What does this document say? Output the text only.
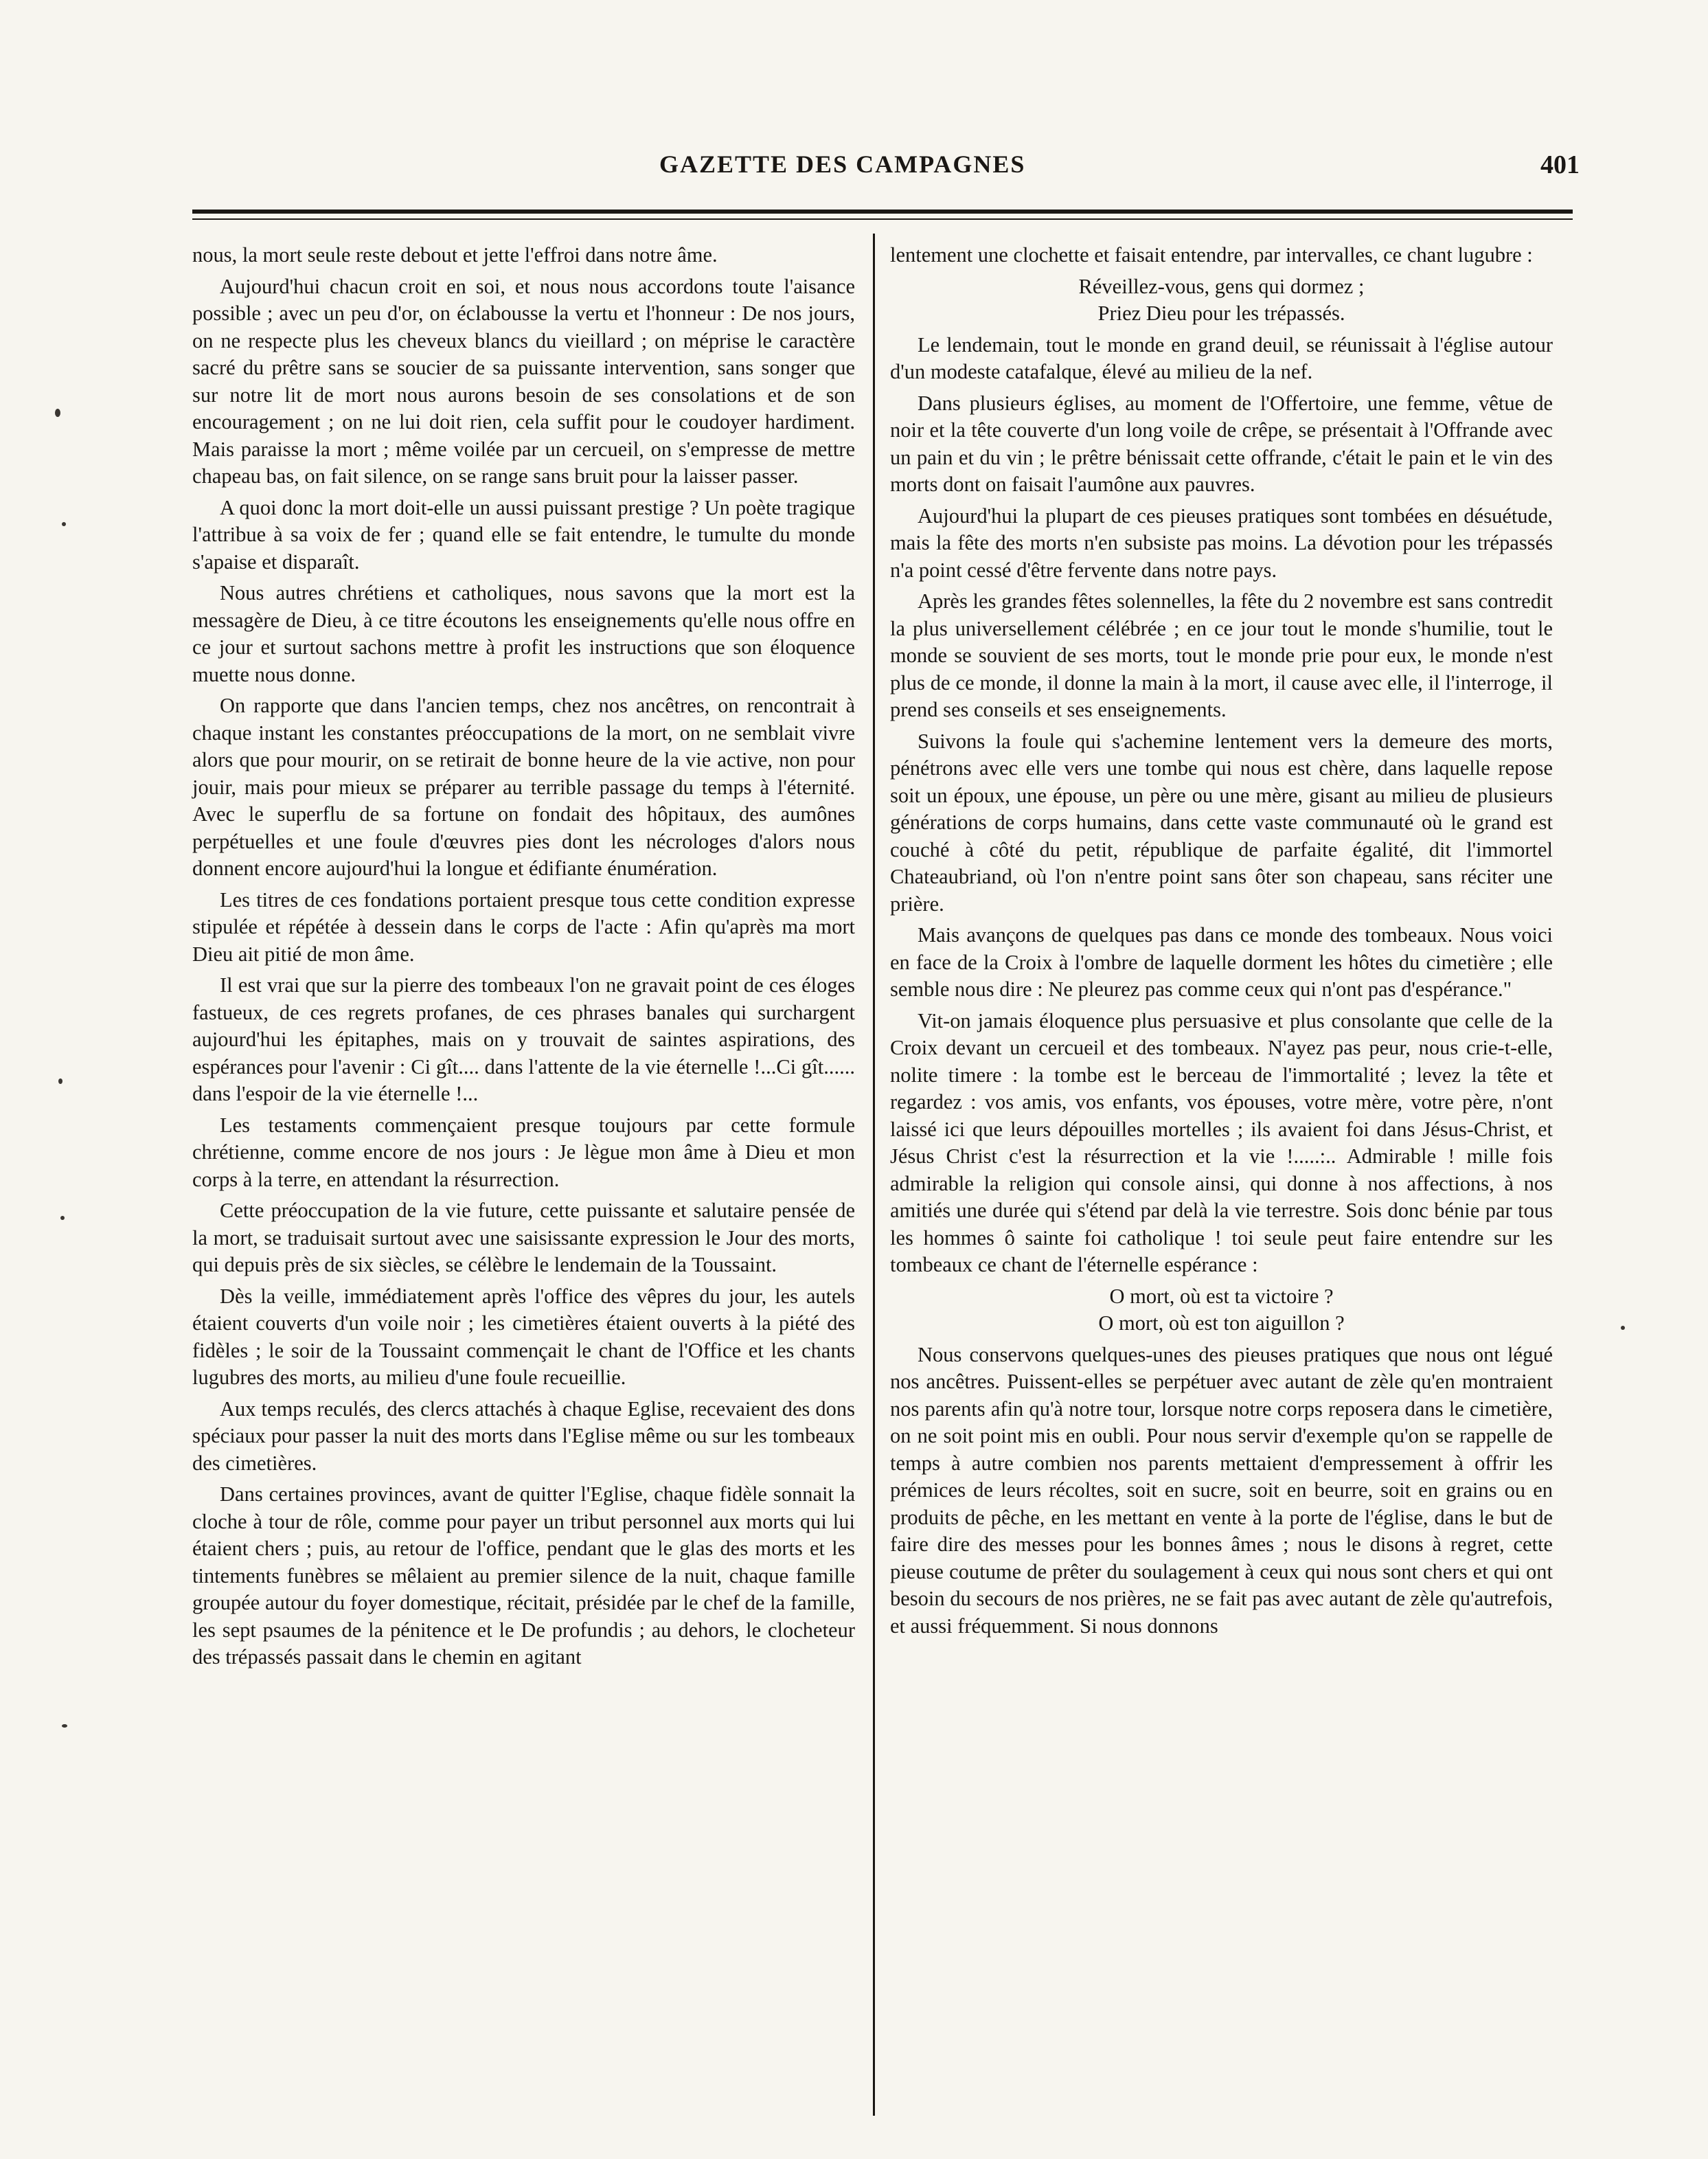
GAZETTE DES CAMPAGNES	401

nous, la mort seule reste debout et jette l'effroi dans notre âme.

Aujourd'hui chacun croit en soi, et nous nous accordons toute l'aisance possible ; avec un peu d'or, on éclabousse la vertu et l'honneur : De nos jours, on ne respecte plus les cheveux blancs du vieillard ; on méprise le caractère sacré du prêtre sans se soucier de sa puissante intervention, sans songer que sur notre lit de mort nous aurons besoin de ses consolations et de son encouragement ; on ne lui doit rien, cela suffit pour le coudoyer hardiment. Mais paraisse la mort ; même voilée par un cercueil, on s'empresse de mettre chapeau bas, on fait silence, on se range sans bruit pour la laisser passer.

A quoi donc la mort doit-elle un aussi puissant prestige ? Un poète tragique l'attribue à sa voix de fer ; quand elle se fait entendre, le tumulte du monde s'apaise et disparaît.

Nous autres chrétiens et catholiques, nous savons que la mort est la messagère de Dieu, à ce titre écoutons les enseignements qu'elle nous offre en ce jour et surtout sachons mettre à profit les instructions que son éloquence muette nous donne.

On rapporte que dans l'ancien temps, chez nos ancêtres, on rencontrait à chaque instant les constantes préoccupations de la mort, on ne semblait vivre alors que pour mourir, on se retirait de bonne heure de la vie active, non pour jouir, mais pour mieux se préparer au terrible passage du temps à l'éternité. Avec le superflu de sa fortune on fondait des hôpitaux, des aumônes perpétuelles et une foule d'œuvres pies dont les nécrologes d'alors nous donnent encore aujourd'hui la longue et édifiante énumération.

Les titres de ces fondations portaient presque tous cette condition expresse stipulée et répétée à dessein dans le corps de l'acte : Afin qu'après ma mort Dieu ait pitié de mon âme.

Il est vrai que sur la pierre des tombeaux l'on ne gravait point de ces éloges fastueux, de ces regrets profanes, de ces phrases banales qui surchargent aujourd'hui les épitaphes, mais on y trouvait de saintes aspirations, des espérances pour l'avenir : Ci gît.... dans l'attente de la vie éternelle !...Ci gît...... dans l'espoir de la vie éternelle !...

Les testaments commençaient presque toujours par cette formule chrétienne, comme encore de nos jours : Je lègue mon âme à Dieu et mon corps à la terre, en attendant la résurrection.

Cette préoccupation de la vie future, cette puissante et salutaire pensée de la mort, se traduisait surtout avec une saisissante expression le Jour des morts, qui depuis près de six siècles, se célèbre le lendemain de la Toussaint.

Dès la veille, immédiatement après l'office des vêpres du jour, les autels étaient couverts d'un voile noir ; les cimetières étaient ouverts à la piété des fidèles ; le soir de la Toussaint commençait le chant de l'Office et les chants lugubres des morts, au milieu d'une foule recueillie.

Aux temps reculés, des clercs attachés à chaque Eglise, recevaient des dons spéciaux pour passer la nuit des morts dans l'Eglise même ou sur les tombeaux des cimetières.

Dans certaines provinces, avant de quitter l'Eglise, chaque fidèle sonnait la cloche à tour de rôle, comme pour payer un tribut personnel aux morts qui lui étaient chers ; puis, au retour de l'office, pendant que le glas des morts et les tintements funèbres se mêlaient au premier silence de la nuit, chaque famille groupée autour du foyer domestique, récitait, présidée par le chef de la famille, les sept psaumes de la pénitence et le De profundis ; au dehors, le clocheteur des trépassés passait dans le chemin en agitant

lentement une clochette et faisait entendre, par intervalles, ce chant lugubre :

Réveillez-vous, gens qui dormez ;

Priez Dieu pour les trépassés.

Le lendemain, tout le monde en grand deuil, se réunissait à l'église autour d'un modeste catafalque, élevé au milieu de la nef.

Dans plusieurs églises, au moment de l'Offertoire, une femme, vêtue de noir et la tête couverte d'un long voile de crêpe, se présentait à l'Offrande avec un pain et du vin ; le prêtre bénissait cette offrande, c'était le pain et le vin des morts dont on faisait l'aumône aux pauvres.

Aujourd'hui la plupart de ces pieuses pratiques sont tombées en désuétude, mais la fête des morts n'en subsiste pas moins. La dévotion pour les trépassés n'a point cessé d'être fervente dans notre pays.

Après les grandes fêtes solennelles, la fête du 2 novembre est sans contredit la plus universellement célébrée ; en ce jour tout le monde s'humilie, tout le monde se souvient de ses morts, tout le monde prie pour eux, le monde n'est plus de ce monde, il donne la main à la mort, il cause avec elle, il l'interroge, il prend ses conseils et ses enseignements.

Suivons la foule qui s'achemine lentement vers la demeure des morts, pénétrons avec elle vers une tombe qui nous est chère, dans laquelle repose soit un époux, une épouse, un père ou une mère, gisant au milieu de plusieurs générations de corps humains, dans cette vaste communauté où le grand est couché à côté du petit, république de parfaite égalité, dit l'immortel Chateaubriand, où l'on n'entre point sans ôter son chapeau, sans réciter une prière.

Mais avançons de quelques pas dans ce monde des tombeaux. Nous voici en face de la Croix à l'ombre de laquelle dorment les hôtes du cimetière ; elle semble nous dire : Ne pleurez pas comme ceux qui n'ont pas d'espérance."

Vit-on jamais éloquence plus persuasive et plus consolante que celle de la Croix devant un cercueil et des tombeaux. N'ayez pas peur, nous crie-t-elle, nolite timere : la tombe est le berceau de l'immortalité ; levez la tête et regardez : vos amis, vos enfants, vos épouses, votre mère, votre père, n'ont laissé ici que leurs dépouilles mortelles ; ils avaient foi dans Jésus-Christ, et Jésus Christ c'est la résurrection et la vie !.....:.. Admirable ! mille fois admirable la religion qui console ainsi, qui donne à nos affections, à nos amitiés une durée qui s'étend par delà la vie terrestre. Sois donc bénie par tous les hommes ô sainte foi catholique ! toi seule peut faire entendre sur les tombeaux ce chant de l'éternelle espérance :

O mort, où est ta victoire ?

O mort, où est ton aiguillon ?

Nous conservons quelques-unes des pieuses pratiques que nous ont légué nos ancêtres. Puissent-elles se perpétuer avec autant de zèle qu'en montraient nos parents afin qu'à notre tour, lorsque notre corps reposera dans le cimetière, on ne soit point mis en oubli. Pour nous servir d'exemple qu'on se rappelle de temps à autre combien nos parents mettaient d'empressement à offrir les prémices de leurs récoltes, soit en sucre, soit en beurre, soit en grains ou en produits de pêche, en les mettant en vente à la porte de l'église, dans le but de faire dire des messes pour les bonnes âmes ; nous le disons à regret, cette pieuse coutume de prêter du soulagement à ceux qui nous sont chers et qui ont besoin du secours de nos prières, ne se fait pas avec autant de zèle qu'autrefois, et aussi fréquemment. Si nous donnons
